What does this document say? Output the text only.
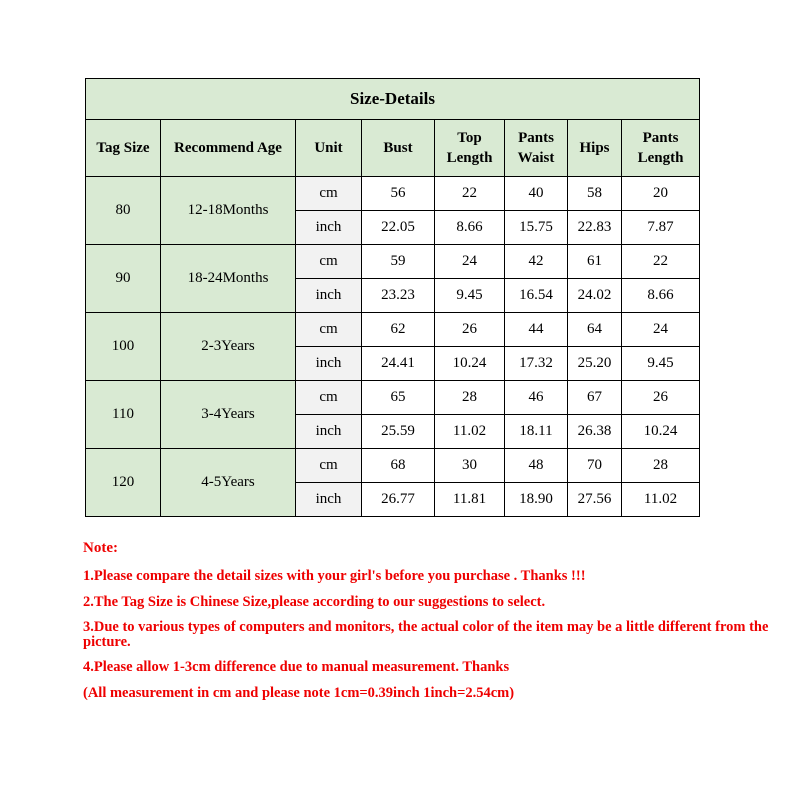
Size-Details							
Tag Size	Recommend Age	Unit	Bust	Top Length	Pants Waist	Hips	Pants Length
80	12-18Months	cm	56	22	40	58	20
		inch	22.05	8.66	15.75	22.83	7.87
90	18-24Months	cm	59	24	42	61	22
		inch	23.23	9.45	16.54	24.02	8.66
100	2-3Years	cm	62	26	44	64	24
		inch	24.41	10.24	17.32	25.20	9.45
110	3-4Years	cm	65	28	46	67	26
		inch	25.59	11.02	18.11	26.38	10.24
120	4-5Years	cm	68	30	48	70	28
		inch	26.77	11.81	18.90	27.56	11.02

Note:

1.Please compare the detail sizes with your girl's before you purchase . Thanks !!!

2.The Tag Size is Chinese Size,please according to our suggestions to select.

3.Due to various types of computers and monitors, the actual color of the item may be a little different from the picture.

4.Please allow 1-3cm difference due to manual measurement. Thanks

(All measurement in cm and please note 1cm=0.39inch 1inch=2.54cm)
